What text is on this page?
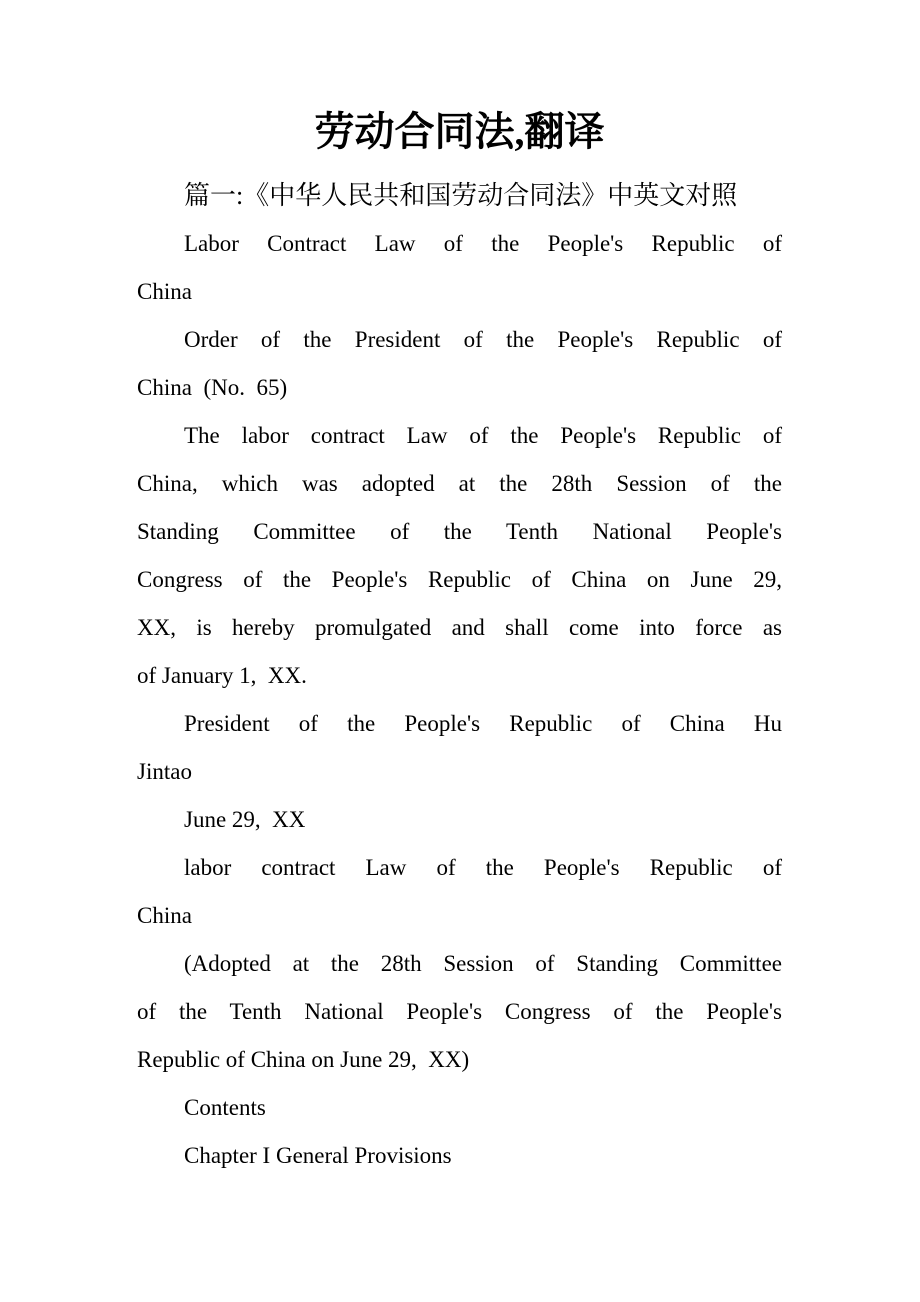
劳动合同法,翻译
篇一:《中华人民共和国劳动合同法》中英文对照
Labor Contract Law of the People's Republic of
China
Order of the President of the People's Republic of
China  (No.  65)
The labor contract Law of the People's Republic of
China, which was adopted at the 28th Session of the
Standing Committee of the Tenth National People's
Congress of the People's Republic of China on June 29,
XX, is hereby promulgated and shall come into force as
of January 1,  XX.
President of the People's Republic of China Hu
Jintao
June 29,  XX
labor contract Law of the People's Republic of
China
(Adopted at the 28th Session of Standing Committee
of the Tenth National People's Congress of the People's
Republic of China on June 29,  XX)
Contents
Chapter I General Provisions
